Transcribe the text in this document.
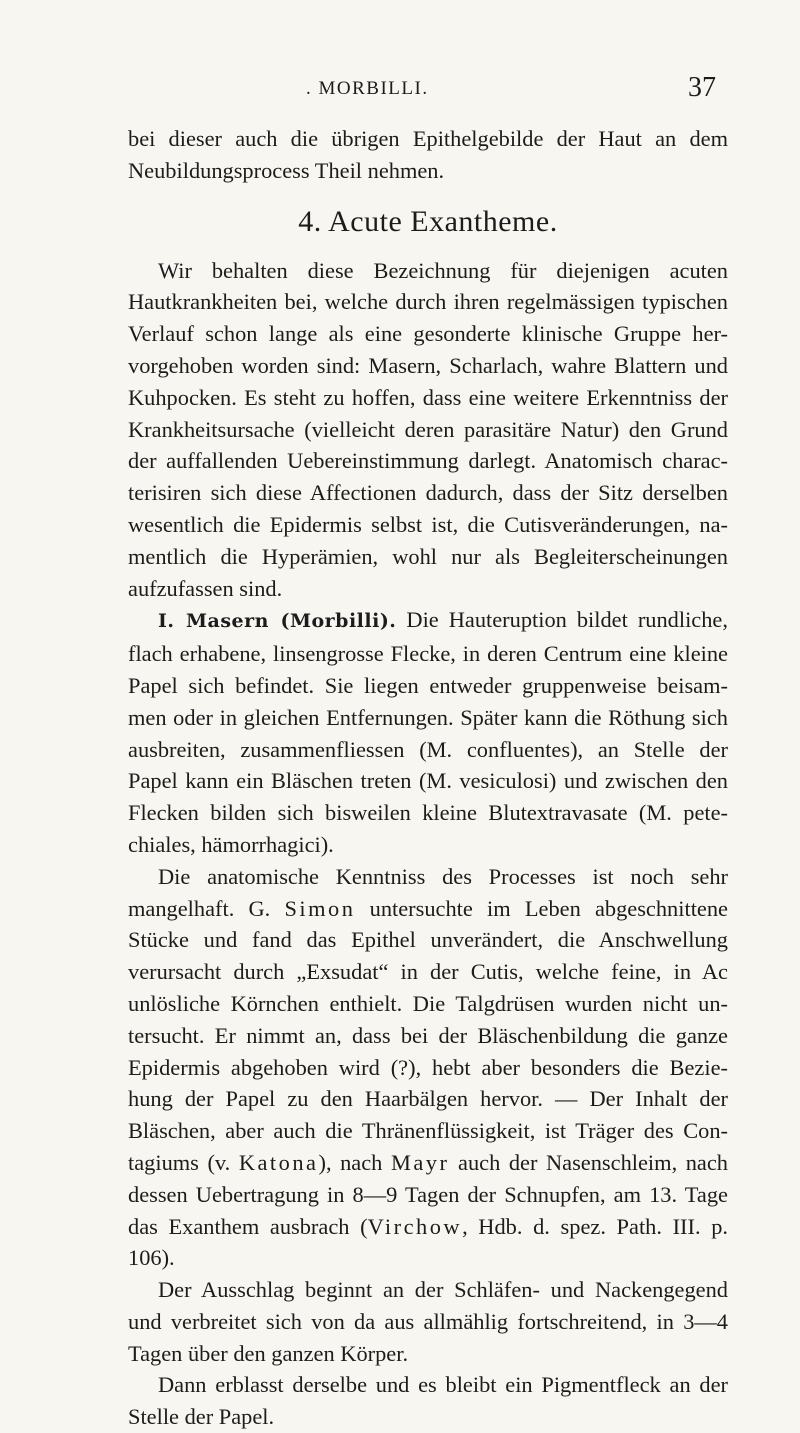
. MORBILLI.	37

bei dieser auch die übrigen Epithelgebilde der Haut an dem Neubildungsprocess Theil nehmen.

4. Acute Exantheme.

Wir behalten diese Bezeichnung für diejenigen acuten Hautkrankheiten bei, welche durch ihren regelmässigen typischen Verlauf schon lange als eine gesonderte klinische Gruppe her- vorgehoben worden sind: Masern, Scharlach, wahre Blattern und Kuhpocken. Es steht zu hoffen, dass eine weitere Erkenntniss der Krankheitsursache (vielleicht deren parasitäre Natur) den Grund der auffallenden Uebereinstimmung darlegt. Anatomisch charac- terisiren sich diese Affectionen dadurch, dass der Sitz derselben wesentlich die Epidermis selbst ist, die Cutisveränderungen, na- mentlich die Hyperämien, wohl nur als Begleiterscheinungen aufzufassen sind.

I. Masern (Morbilli). Die Hauteruption bildet rundliche, flach erhabene, linsengrosse Flecke, in deren Centrum eine kleine Papel sich befindet. Sie liegen entweder gruppenweise beisam- men oder in gleichen Entfernungen. Später kann die Röthung sich ausbreiten, zusammenfliessen (M. confluentes), an Stelle der Papel kann ein Bläschen treten (M. vesiculosi) und zwischen den Flecken bilden sich bisweilen kleine Blutextravasate (M. pete- chiales, hämorrhagici).

Die anatomische Kenntniss des Processes ist noch sehr mangelhaft. G. Simon untersuchte im Leben abgeschnittene Stücke und fand das Epithel unverändert, die Anschwellung verursacht durch „Exsudat“ in der Cutis, welche feine, in Ac unlösliche Körnchen enthielt. Die Talgdrüsen wurden nicht un- tersucht. Er nimmt an, dass bei der Bläschenbildung die ganze Epidermis abgehoben wird (?), hebt aber besonders die Bezie- hung der Papel zu den Haarbälgen hervor. — Der Inhalt der Bläschen, aber auch die Thränenflüssigkeit, ist Träger des Con- tagiums (v. Katona), nach Mayr auch der Nasenschleim, nach dessen Uebertragung in 8—9 Tagen der Schnupfen, am 13. Tage das Exanthem ausbrach (Virchow, Hdb. d. spez. Path. III. p. 106).

Der Ausschlag beginnt an der Schläfen- und Nackengegend und verbreitet sich von da aus allmählig fortschreitend, in 3—4 Tagen über den ganzen Körper.

Dann erblasst derselbe und es bleibt ein Pigmentfleck an der Stelle der Papel.
